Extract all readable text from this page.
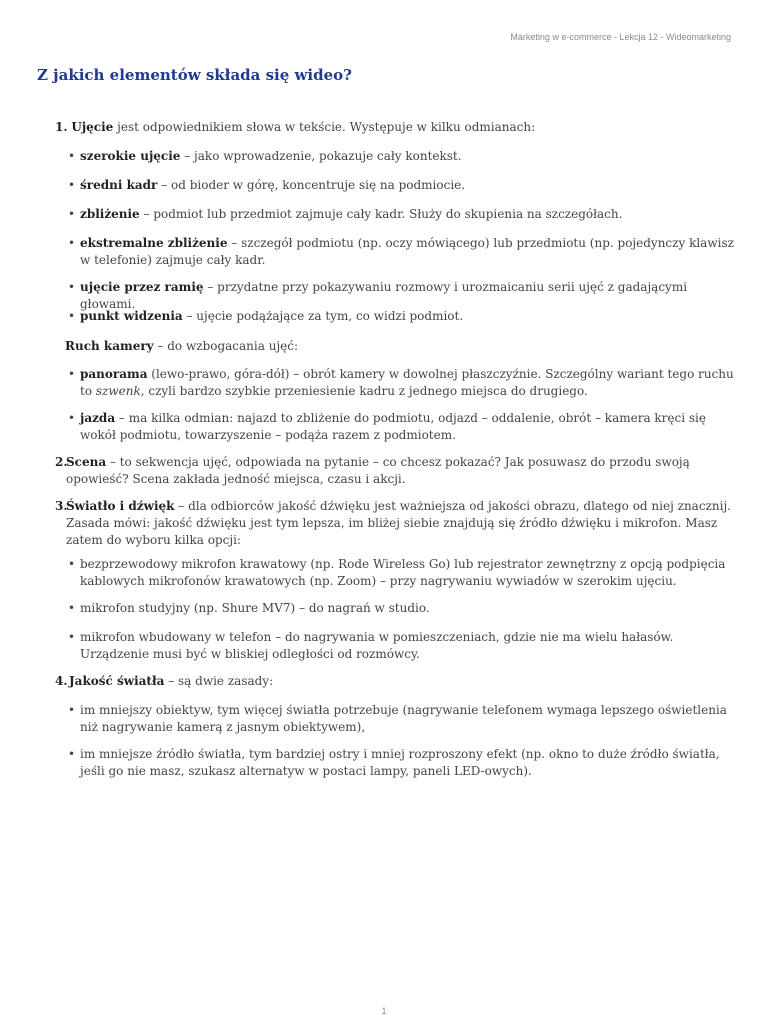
Marketing w e-commerce - Lekcja 12 - Wideomarketing
Z jakich elementów składa się wideo?

1. Ujęcie jest odpowiednikiem słowa w tekście. Występuje w kilku odmianach:

• szerokie ujęcie – jako wprowadzenie, pokazuje cały kontekst.

• średni kadr – od bioder w górę, koncentruje się na podmiocie.

• zbliżenie – podmiot lub przedmiot zajmuje cały kadr. Służy do skupienia na szczegółach.

• ekstremalne zbliżenie – szczegół podmiotu (np. oczy mówiącego) lub przedmiotu (np. pojedynczy klawisz w telefonie) zajmuje cały kadr.

• ujęcie przez ramię – przydatne przy pokazywaniu rozmowy i urozmaicaniu serii ujęć z gadającymi głowami.

• punkt widzenia – ujęcie podążające za tym, co widzi podmiot.

Ruch kamery – do wzbogacania ujęć:

• panorama (lewo-prawo, góra-dół) – obrót kamery w dowolnej płaszczyźnie. Szczególny wariant tego ruchu to szwenk, czyli bardzo szybkie przeniesienie kadru z jednego miejsca do drugiego.

• jazda – ma kilka odmian: najazd to zbliżenie do podmiotu, odjazd – oddalenie, obrót – kamera kręci się wokół podmiotu, towarzyszenie – podąża razem z podmiotem.

2.

Scena – to sekwencja ujęć, odpowiada na pytanie – co chcesz pokazać? Jak posuwasz do przodu swoją opowieść? Scena zakłada jedność miejsca, czasu i akcji.

3.

Światło i dźwięk – dla odbiorców jakość dźwięku jest ważniejsza od jakości obrazu, dlatego od niej znacznij. Zasada mówi: jakość dźwięku jest tym lepsza, im bliżej siebie znajdują się źródło dźwięku i mikrofon. Masz zatem do wyboru kilka opcji:

• bezprzewodowy mikrofon krawatowy (np. Rode Wireless Go) lub rejestrator zewnętrzny z opcją podpięcia kablowych mikrofonów krawatowych (np. Zoom) – przy nagrywaniu wywiadów w szerokim ujęciu.

• mikrofon studyjny (np. Shure MV7) – do nagrań w studio.

• mikrofon wbudowany w telefon – do nagrywania w pomieszczeniach, gdzie nie ma wielu hałasów. Urządzenie musi być w bliskiej odległości od rozmówcy.

4. Jakość światła – są dwie zasady:

• im mniejszy obiektyw, tym więcej światła potrzebuje (nagrywanie telefonem wymaga lepszego oświetlenia niż nagrywanie kamerą z jasnym obiektywem),

• im mniejsze źródło światła, tym bardziej ostry i mniej rozproszony efekt (np. okno to duże źródło światła, jeśli go nie masz, szukasz alternatyw w postaci lampy, paneli LED-owych).

1
